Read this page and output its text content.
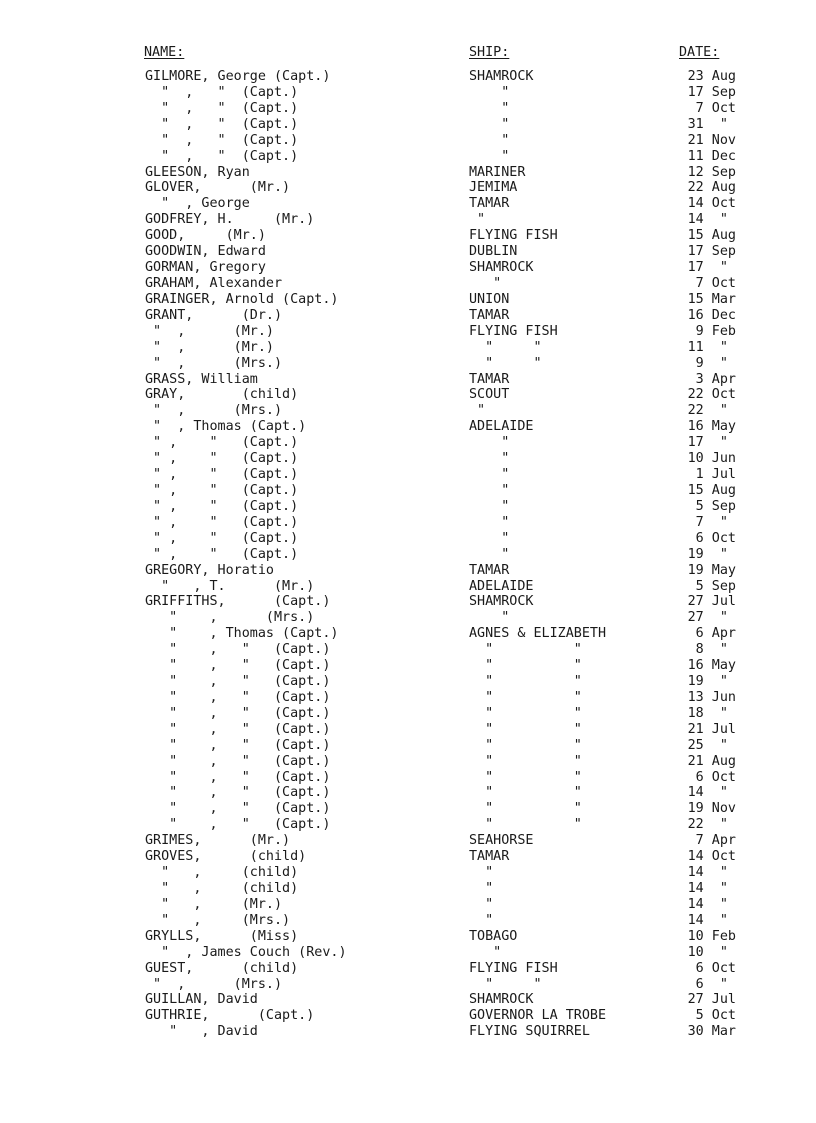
NAME:	SHIP:	DATE:
GILMORE, George (Capt.)	SHAMROCK	23 Aug
"  ,   "  (Capt.)	"	17 Sep
"  ,   "  (Capt.)	"	7 Oct
"  ,   "  (Capt.)	"	31  "
"  ,   "  (Capt.)	"	21 Nov
"  ,   "  (Capt.)	"	11 Dec
GLEESON, Ryan	MARINER	12 Sep
GLOVER,      (Mr.)	JEMIMA	22 Aug
"  , George	TAMAR	14 Oct
GODFREY, H.     (Mr.)	"	14  "
GOOD,     (Mr.)	FLYING FISH	15 Aug
GOODWIN, Edward	DUBLIN	17 Sep
GORMAN, Gregory	SHAMROCK	17  "
GRAHAM, Alexander	"	7 Oct
GRAINGER, Arnold (Capt.)	UNION	15 Mar
GRANT,      (Dr.)	TAMAR	16 Dec
"  ,      (Mr.)	FLYING FISH	9 Feb
"  ,      (Mr.)	"     "	11  "
"  ,      (Mrs.)	"     "	9  "
GRASS, William	TAMAR	3 Apr
GRAY,       (child)	SCOUT	22 Oct
"  ,      (Mrs.)	"	22  "
"  , Thomas (Capt.)	ADELAIDE	16 May
" ,    "   (Capt.)	"	17  "
" ,    "   (Capt.)	"	10 Jun
" ,    "   (Capt.)	"	1 Jul
" ,    "   (Capt.)	"	15 Aug
" ,    "   (Capt.)	"	5 Sep
" ,    "   (Capt.)	"	7  "
" ,    "   (Capt.)	"	6 Oct
" ,    "   (Capt.)	"	19  "
GREGORY, Horatio	TAMAR	19 May
"   , T.      (Mr.)	ADELAIDE	5 Sep
GRIFFITHS,      (Capt.)	SHAMROCK	27 Jul
"    ,      (Mrs.)	"	27  "
"    , Thomas (Capt.)	AGNES & ELIZABETH	6 Apr
"    ,   "   (Capt.)	"          "	8  "
"    ,   "   (Capt.)	"          "	16 May
"    ,   "   (Capt.)	"          "	19  "
"    ,   "   (Capt.)	"          "	13 Jun
"    ,   "   (Capt.)	"          "	18  "
"    ,   "   (Capt.)	"          "	21 Jul
"    ,   "   (Capt.)	"          "	25  "
"    ,   "   (Capt.)	"          "	21 Aug
"    ,   "   (Capt.)	"          "	6 Oct
"    ,   "   (Capt.)	"          "	14  "
"    ,   "   (Capt.)	"          "	19 Nov
"    ,   "   (Capt.)	"          "	22  "
GRIMES,      (Mr.)	SEAHORSE	7 Apr
GROVES,      (child)	TAMAR	14 Oct
"   ,     (child)	"	14  "
"   ,     (child)	"	14  "
"   ,     (Mr.)	"	14  "
"   ,     (Mrs.)	"	14  "
GRYLLS,      (Miss)	TOBAGO	10 Feb
"  , James Couch (Rev.)	"	10  "
GUEST,      (child)	FLYING FISH	6 Oct
"  ,      (Mrs.)	"     "	6  "
GUILLAN, David	SHAMROCK	27 Jul
GUTHRIE,      (Capt.)	GOVERNOR LA TROBE	5 Oct
"   , David	FLYING SQUIRREL	30 Mar
